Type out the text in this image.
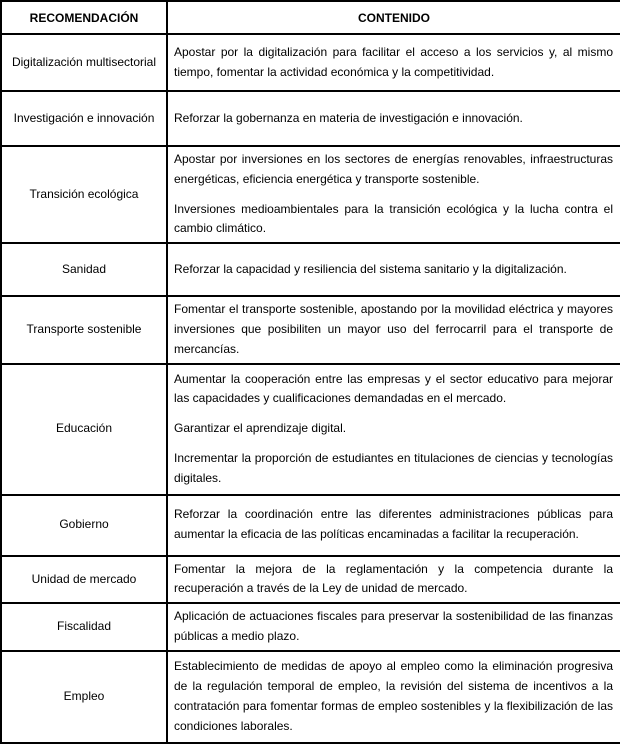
RECOMENDACIÓN	CONTENIDO
Digitalización multisectorial	Apostar por la digitalización para facilitar el acceso a los servicios y, al mismo tiempo, fomentar la actividad económica y la competitividad.

Investigación e innovación	Reforzar la gobernanza en materia de investigación e innovación.

Transición ecológica	Apostar por inversiones en los sectores de energías renovables, infraestructuras energéticas, eficiencia energética y transporte sostenible.

Inversiones medioambientales para la transición ecológica y la lucha contra el cambio climático.

Sanidad	Reforzar la capacidad y resiliencia del sistema sanitario y la digitalización.

Transporte sostenible	Fomentar el transporte sostenible, apostando por la movilidad eléctrica y mayores inversiones que posibiliten un mayor uso del ferrocarril para el transporte de mercancías.

Educación	Aumentar la cooperación entre las empresas y el sector educativo para mejorar las capacidades y cualificaciones demandadas en el mercado.

Garantizar el aprendizaje digital.

Incrementar la proporción de estudiantes en titulaciones de ciencias y tecnologías digitales.

Gobierno	Reforzar la coordinación entre las diferentes administraciones públicas para aumentar la eficacia de las políticas encaminadas a facilitar la recuperación.

Unidad de mercado	Fomentar la mejora de la reglamentación y la competencia durante la recuperación a través de la Ley de unidad de mercado.

Fiscalidad	Aplicación de actuaciones fiscales para preservar la sostenibilidad de las finanzas públicas a medio plazo.

Empleo	Establecimiento de medidas de apoyo al empleo como la eliminación progresiva de la regulación temporal de empleo, la revisión del sistema de incentivos a la contratación para fomentar formas de empleo sostenibles y la flexibilización de las condiciones laborales.
